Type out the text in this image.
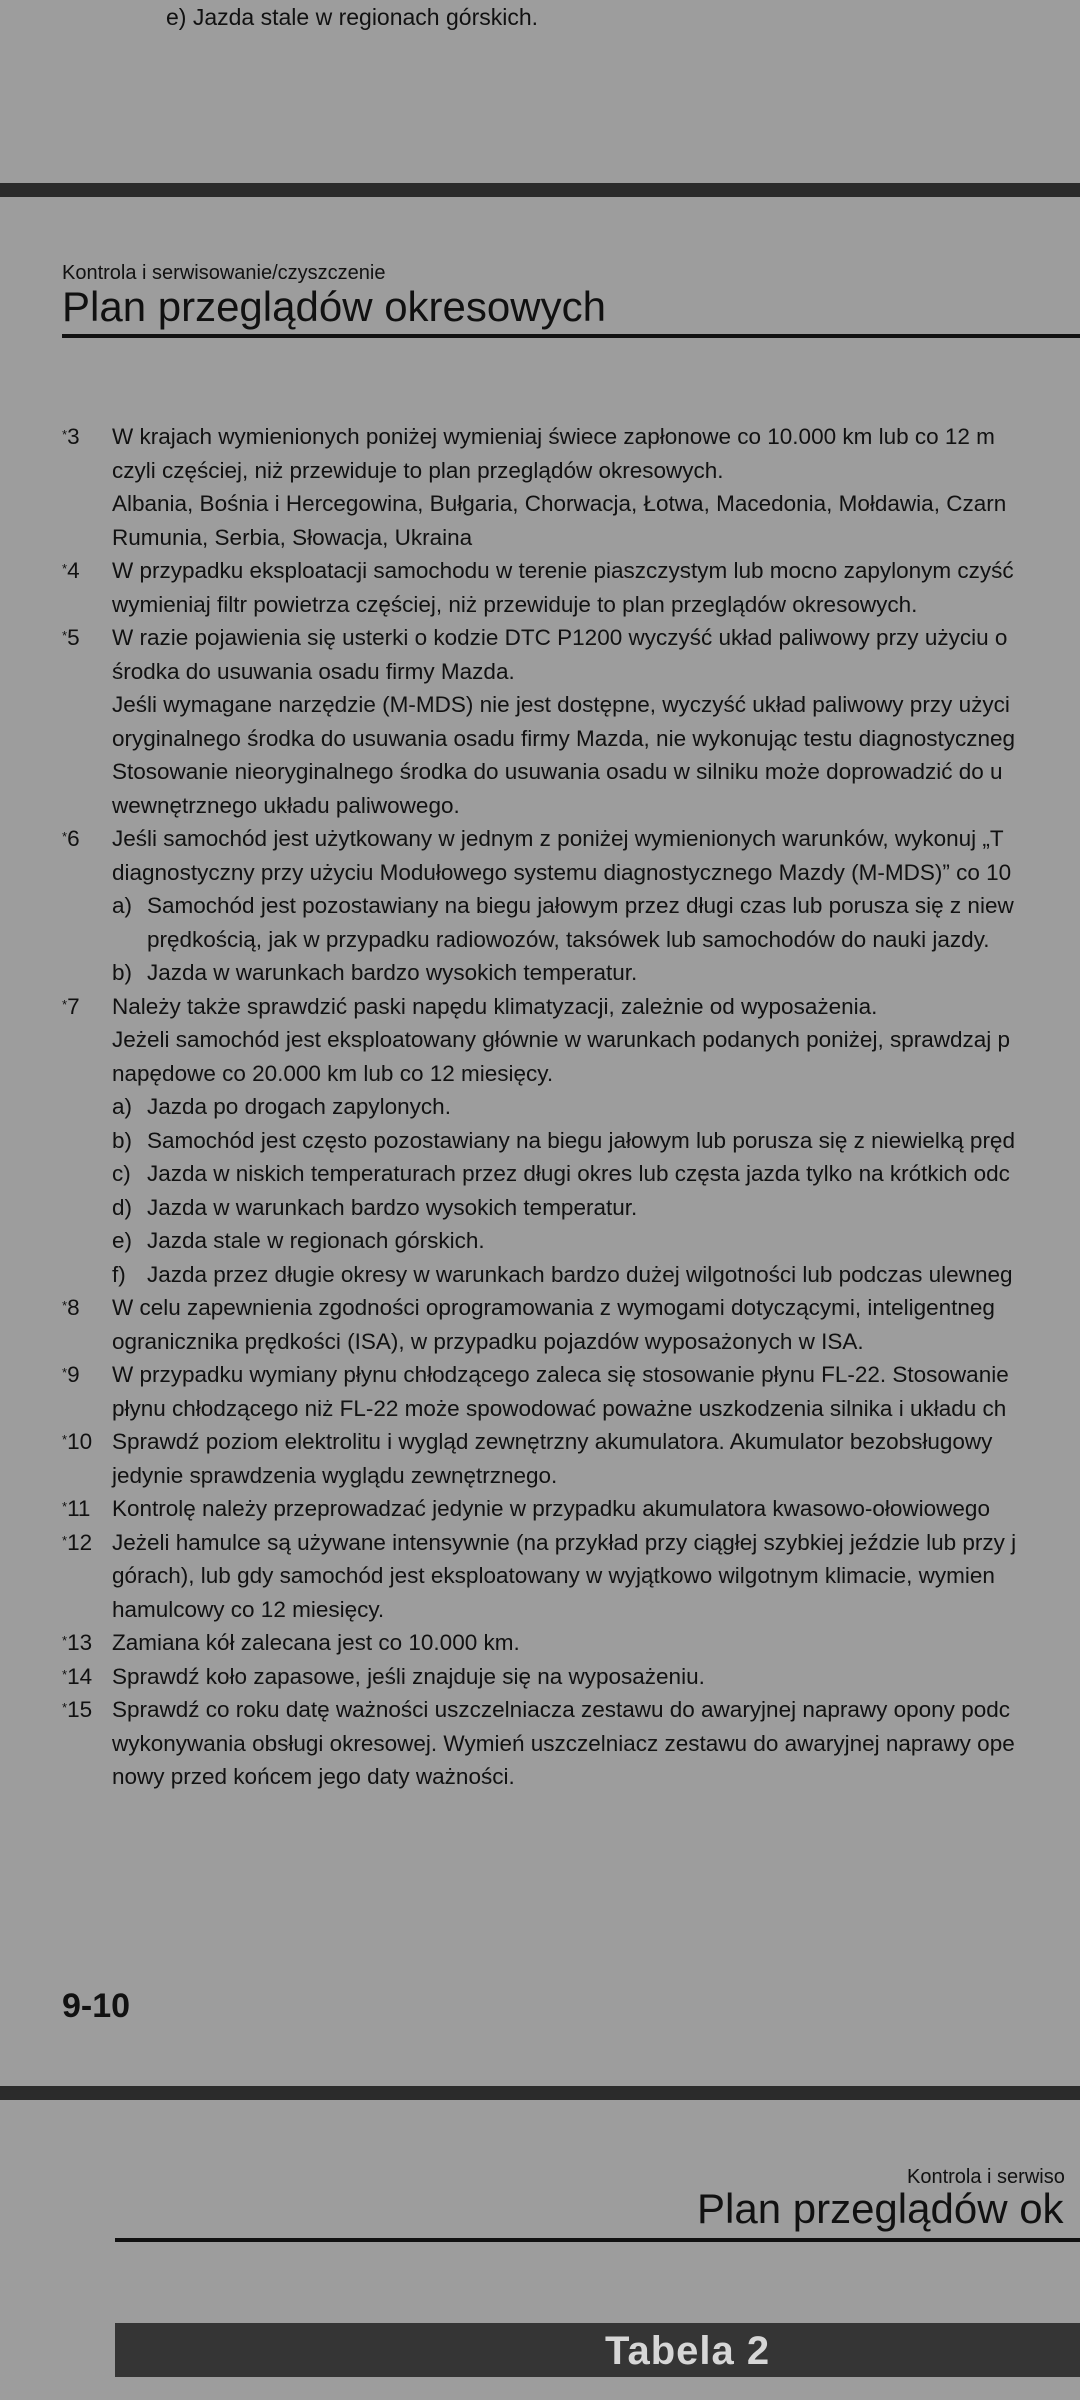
e) Jazda stale w regionach górskich.
Kontrola i serwisowanie/czyszczenie
Plan przeglądów okresowych
*3 W krajach wymienionych poniżej wymieniaj świece zapłonowe co 10.000 km lub co 12 m
czyli częściej, niż przewiduje to plan przeglądów okresowych.
Albania, Bośnia i Hercegowina, Bułgaria, Chorwacja, Łotwa, Macedonia, Mołdawia, Czarn
Rumunia, Serbia, Słowacja, Ukraina
*4 W przypadku eksploatacji samochodu w terenie piaszczystym lub mocno zapylonym czyść
wymieniaj filtr powietrza częściej, niż przewiduje to plan przeglądów okresowych.
*5 W razie pojawienia się usterki o kodzie DTC P1200 wyczyść układ paliwowy przy użyciu o
środka do usuwania osadu firmy Mazda.
Jeśli wymagane narzędzie (M-MDS) nie jest dostępne, wyczyść układ paliwowy przy użyci
oryginalnego środka do usuwania osadu firmy Mazda, nie wykonując testu diagnostyczneg
Stosowanie nieoryginalnego środka do usuwania osadu w silniku może doprowadzić do u
wewnętrznego układu paliwowego.
*6 Jeśli samochód jest użytkowany w jednym z poniżej wymienionych warunków, wykonuj „T
diagnostyczny przy użyciu Modułowego systemu diagnostycznego Mazdy (M-MDS)” co 10
a) Samochód jest pozostawiany na biegu jałowym przez długi czas lub porusza się z niew
prędkością, jak w przypadku radiowozów, taksówek lub samochodów do nauki jazdy.
b) Jazda w warunkach bardzo wysokich temperatur.
*7 Należy także sprawdzić paski napędu klimatyzacji, zależnie od wyposażenia.
Jeżeli samochód jest eksploatowany głównie w warunkach podanych poniżej, sprawdzaj p
napędowe co 20.000 km lub co 12 miesięcy.
a) Jazda po drogach zapylonych.
b) Samochód jest często pozostawiany na biegu jałowym lub porusza się z niewielką pręd
c) Jazda w niskich temperaturach przez długi okres lub częsta jazda tylko na krótkich odc
d) Jazda w warunkach bardzo wysokich temperatur.
e) Jazda stale w regionach górskich.
f) Jazda przez długie okresy w warunkach bardzo dużej wilgotności lub podczas ulewneg
*8 W celu zapewnienia zgodności oprogramowania z wymogami dotyczącymi, inteligentneg
ogranicznika prędkości (ISA), w przypadku pojazdów wyposażonych w ISA.
*9 W przypadku wymiany płynu chłodzącego zaleca się stosowanie płynu FL-22. Stosowanie
płynu chłodzącego niż FL-22 może spowodować poważne uszkodzenia silnika i układu ch
*10 Sprawdź poziom elektrolitu i wygląd zewnętrzny akumulatora. Akumulator bezobsługowy
jedynie sprawdzenia wyglądu zewnętrznego.
*11 Kontrolę należy przeprowadzać jedynie w przypadku akumulatora kwasowo-ołowiowego
*12 Jeżeli hamulce są używane intensywnie (na przykład przy ciągłej szybkiej jeździe lub przy j
górach), lub gdy samochód jest eksploatowany w wyjątkowo wilgotnym klimacie, wymien
hamulcowy co 12 miesięcy.
*13 Zamiana kół zalecana jest co 10.000 km.
*14 Sprawdź koło zapasowe, jeśli znajduje się na wyposażeniu.
*15 Sprawdź co roku datę ważności uszczelniacza zestawu do awaryjnej naprawy opony podc
wykonywania obsługi okresowej. Wymień uszczelniacz zestawu do awaryjnej naprawy ope
nowy przed końcem jego daty ważności.
9-10
Kontrola i serwiso
Plan przeglądów ok
Tabela 2
